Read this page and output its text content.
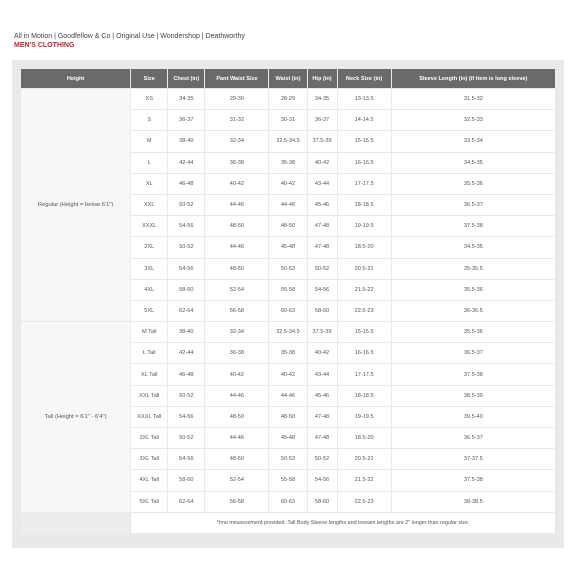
All in Motion | Goodfellow & Co | Original Use | Wondershop | Deathworthy
MEN'S CLOTHING
Height	Size	Chest (in)	Pant Waist Size	Waist (in)	Hip (in)	Neck Size (in)	Sleeve Length (in) (if item is long sleeve)
Regular (Height = below 6'1")	XS	34-35	29-30	28-29	34-35	13-13.5	31.5-32
	S	36-37	31-32	30-31	36-37	14-14.5	32.5-33
	M	38-40	32-34	32.5-34.5	37.5-39	15-15.5	33.5-34
	L	42-44	36-38	35-38	40-42	16-16.5	34.5-35
	XL	46-48	40-42	40-42	43-44	17-17.5	35.5-36
	XXL	50-52	44-46	44-46	45-46	18-18.5	36.5-37
	XXXL	54-56	48-50	48-50	47-48	19-19.5	37.5-38
	2XL	50-52	44-46	45-48	47-48	18.5-20	34.5-35
	3XL	54-56	48-50	50-53	50-52	20.5-21	35-35.5
	4XL	58-60	52-54	55-58	54-56	21.5-22	35.5-36
	5XL	62-64	56-58	60-63	58-60	22.5-23	36-36.5
Tall (Height = 6'1" - 6'4")	M Tall	38-40	32-34	32.5-34.5	37.5-39	15-15.5	35.5-36
	L Tall	42-44	36-38	35-38	40-42	16-16.5	36.5-37
	XL Tall	46-48	40-42	40-42	43-44	17-17.5	37.5-38
	XXL Tall	50-52	44-46	44-46	45-46	18-18.5	38.5-39
	XXXL Tall	54-56	48-50	48-50	47-48	19-19.5	39.5-40
	2XL Tall	50-52	44-46	45-48	47-48	18.5-20	36.5-37
	3XL Tall	54-56	48-50	50-53	50-52	20.5-21	37-37.5
	4XL Tall	58-60	52-54	55-58	54-56	21.5-22	37.5-38
	5XL Tall	62-64	56-58	60-63	58-60	22.5-23	38-38.5
	*Imo measurement provided. Tall Body Sleeve lengths and inseam lengths are 2" longer than regular size.						
